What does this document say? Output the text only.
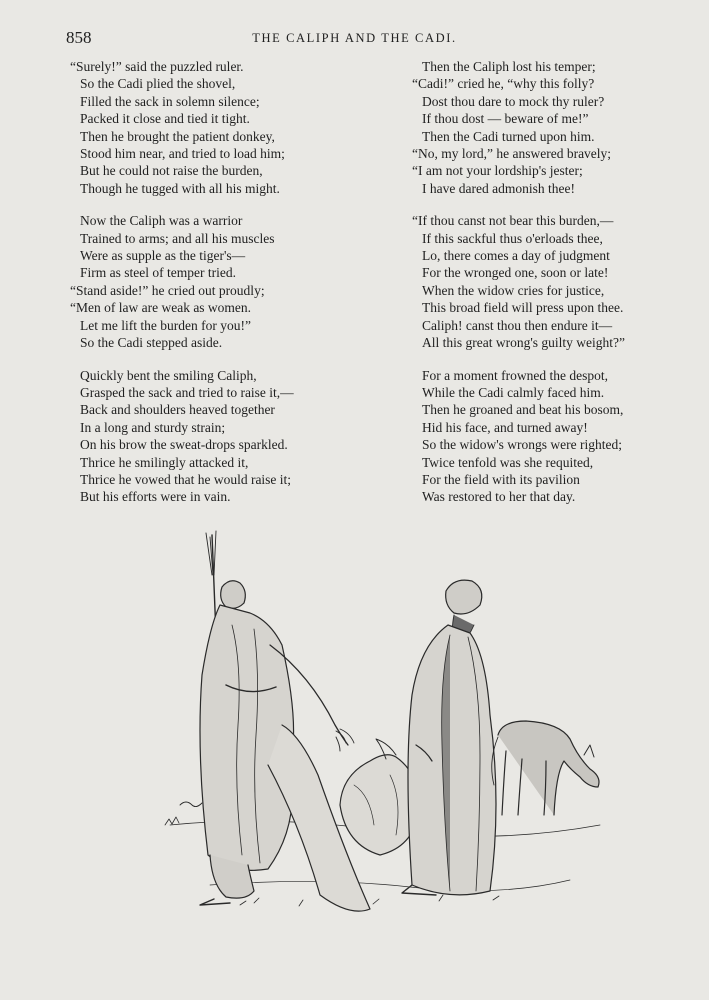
858	THE CALIPH AND THE CADI.
“Surely!” said the puzzled ruler.
So the Cadi plied the shovel,
Filled the sack in solemn silence;
Packed it close and tied it tight.
Then he brought the patient donkey,
Stood him near, and tried to load him;
But he could not raise the burden,
Though he tugged with all his might.
Now the Caliph was a warrior
Trained to arms; and all his muscles
Were as supple as the tiger's—
Firm as steel of temper tried.
“Stand aside!” he cried out proudly;
“Men of law are weak as women.
Let me lift the burden for you!”
So the Cadi stepped aside.
Quickly bent the smiling Caliph,
Grasped the sack and tried to raise it,—
Back and shoulders heaved together
In a long and sturdy strain;
On his brow the sweat-drops sparkled.
Thrice he smilingly attacked it,
Thrice he vowed that he would raise it;
But his efforts were in vain.
Then the Caliph lost his temper;
“Cadi!” cried he, “why this folly?
Dost thou dare to mock thy ruler?
If thou dost — beware of me!”
Then the Cadi turned upon him.
“No, my lord,” he answered bravely;
“I am not your lordship's jester;
I have dared admonish thee!
“If thou canst not bear this burden,—
If this sackful thus o'erloads thee,
Lo, there comes a day of judgment
For the wronged one, soon or late!
When the widow cries for justice,
This broad field will press upon thee.
Caliph! canst thou then endure it—
All this great wrong's guilty weight?”
For a moment frowned the despot,
While the Cadi calmly faced him.
Then he groaned and beat his bosom,
Hid his face, and turned away!
So the widow's wrongs were righted;
Twice tenfold was she requited,
For the field with its pavilion
Was restored to her that day.
